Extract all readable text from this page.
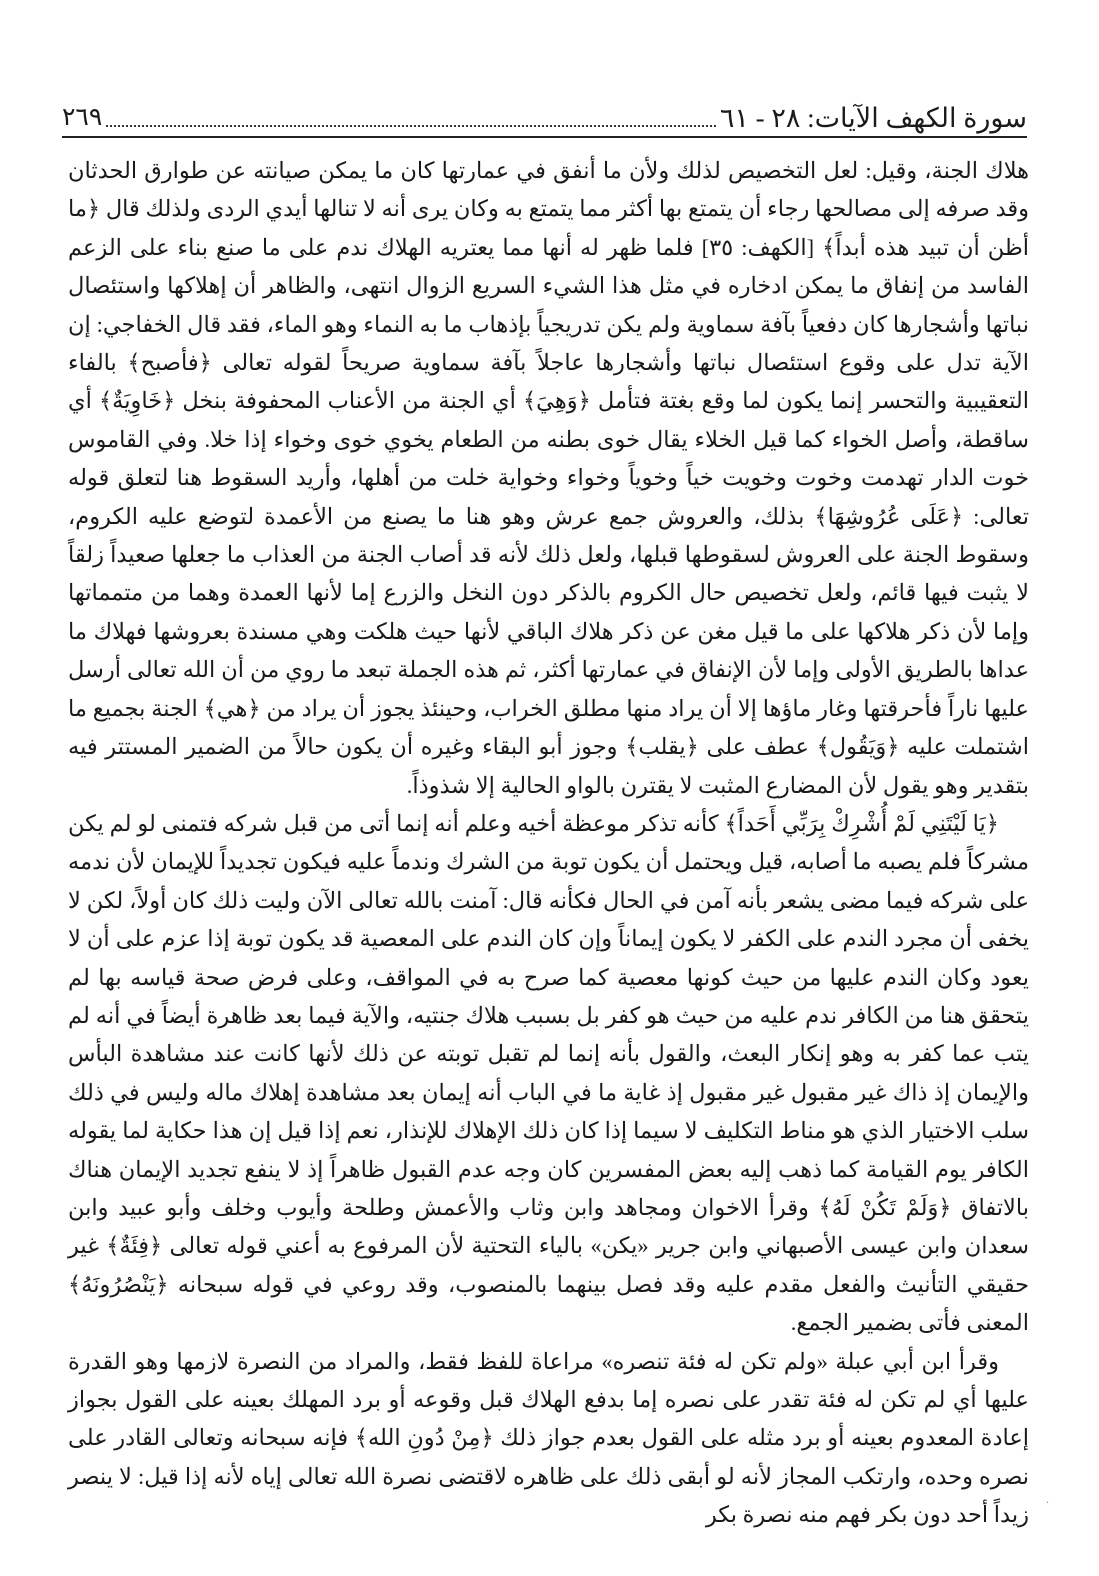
سورة الكهف الآيات: ٢٨ - ٦١
٢٦٩

هلاك الجنة، وقيل: لعل التخصيص لذلك ولأن ما أنفق في عمارتها كان ما يمكن صيانته عن طوارق الحدثان وقد صرفه إلى مصالحها رجاء أن يتمتع بها أكثر مما يتمتع به وكان يرى أنه لا تنالها أيدي الردى ولذلك قال ﴿ما أظن أن تبيد هذه أبداً﴾ [الكهف: ٣٥] فلما ظهر له أنها مما يعتريه الهلاك ندم على ما صنع بناء على الزعم الفاسد من إنفاق ما يمكن ادخاره في مثل هذا الشيء السريع الزوال انتهى، والظاهر أن إهلاكها واستئصال نباتها وأشجارها كان دفعياً بآفة سماوية ولم يكن تدريجياً بإذهاب ما به النماء وهو الماء، فقد قال الخفاجي: إن الآية تدل على وقوع استئصال نباتها وأشجارها عاجلاً بآفة سماوية صريحاً لقوله تعالى ﴿فأصبح﴾ بالفاء التعقيبية والتحسر إنما يكون لما وقع بغتة فتأمل ﴿وَهِيَ﴾ أي الجنة من الأعناب المحفوفة بنخل ﴿خَاوِيَةٌ﴾ أي ساقطة، وأصل الخواء كما قيل الخلاء يقال خوى بطنه من الطعام يخوي خوى وخواء إذا خلا. وفي القاموس خوت الدار تهدمت وخوت وخويت خياً وخوياً وخواء وخواية خلت من أهلها، وأريد السقوط هنا لتعلق قوله تعالى: ﴿عَلَى عُرُوشِهَا﴾ بذلك، والعروش جمع عرش وهو هنا ما يصنع من الأعمدة لتوضع عليه الكروم، وسقوط الجنة على العروش لسقوطها قبلها، ولعل ذلك لأنه قد أصاب الجنة من العذاب ما جعلها صعيداً زلقاً لا يثبت فيها قائم، ولعل تخصيص حال الكروم بالذكر دون النخل والزرع إما لأنها العمدة وهما من متمماتها وإما لأن ذكر هلاكها على ما قيل مغن عن ذكر هلاك الباقي لأنها حيث هلكت وهي مسندة بعروشها فهلاك ما عداها بالطريق الأولى وإما لأن الإنفاق في عمارتها أكثر، ثم هذه الجملة تبعد ما روي من أن الله تعالى أرسل عليها ناراً فأحرقتها وغار ماؤها إلا أن يراد منها مطلق الخراب، وحينئذ يجوز أن يراد من ﴿هي﴾ الجنة بجميع ما اشتملت عليه ﴿وَيَقُول﴾ عطف على ﴿يقلب﴾ وجوز أبو البقاء وغيره أن يكون حالاً من الضمير المستتر فيه بتقدير وهو يقول لأن المضارع المثبت لا يقترن بالواو الحالية إلا شذوذاً.

﴿يَا لَيْتَنِي لَمْ أُشْرِكْ بِرَبِّي أَحَداً﴾ كأنه تذكر موعظة أخيه وعلم أنه إنما أتى من قبل شركه فتمنى لو لم يكن مشركاً فلم يصبه ما أصابه، قيل ويحتمل أن يكون توبة من الشرك وندماً عليه فيكون تجديداً للإيمان لأن ندمه على شركه فيما مضى يشعر بأنه آمن في الحال فكأنه قال: آمنت بالله تعالى الآن وليت ذلك كان أولاً، لكن لا يخفى أن مجرد الندم على الكفر لا يكون إيماناً وإن كان الندم على المعصية قد يكون توبة إذا عزم على أن لا يعود وكان الندم عليها من حيث كونها معصية كما صرح به في المواقف، وعلى فرض صحة قياسه بها لم يتحقق هنا من الكافر ندم عليه من حيث هو كفر بل بسبب هلاك جنتيه، والآية فيما بعد ظاهرة أيضاً في أنه لم يتب عما كفر به وهو إنكار البعث، والقول بأنه إنما لم تقبل توبته عن ذلك لأنها كانت عند مشاهدة البأس والإيمان إذ ذاك غير مقبول غير مقبول إذ غاية ما في الباب أنه إيمان بعد مشاهدة إهلاك ماله وليس في ذلك سلب الاختيار الذي هو مناط التكليف لا سيما إذا كان ذلك الإهلاك للإنذار، نعم إذا قيل إن هذا حكاية لما يقوله الكافر يوم القيامة كما ذهب إليه بعض المفسرين كان وجه عدم القبول ظاهراً إذ لا ينفع تجديد الإيمان هناك بالاتفاق ﴿وَلَمْ تَكُنْ لَهُ﴾ وقرأ الاخوان ومجاهد وابن وثاب والأعمش وطلحة وأيوب وخلف وأبو عبيد وابن سعدان وابن عيسى الأصبهاني وابن جرير «يكن» بالياء التحتية لأن المرفوع به أعني قوله تعالى ﴿فِئَةٌ﴾ غير حقيقي التأنيث والفعل مقدم عليه وقد فصل بينهما بالمنصوب، وقد روعي في قوله سبحانه ﴿يَنْصُرُونَهُ﴾ المعنى فأتى بضمير الجمع.

وقرأ ابن أبي عبلة «ولم تكن له فئة تنصره» مراعاة للفظ فقط، والمراد من النصرة لازمها وهو القدرة عليها أي لم تكن له فئة تقدر على نصره إما بدفع الهلاك قبل وقوعه أو برد المهلك بعينه على القول بجواز إعادة المعدوم بعينه أو برد مثله على القول بعدم جواز ذلك ﴿مِنْ دُونِ الله﴾ فإنه سبحانه وتعالى القادر على نصره وحده، وارتكب المجاز لأنه لو أبقى ذلك على ظاهره لاقتضى نصرة الله تعالى إياه لأنه إذا قيل: لا ينصر زيداً أحد دون بكر فهم منه نصرة بكر ·
